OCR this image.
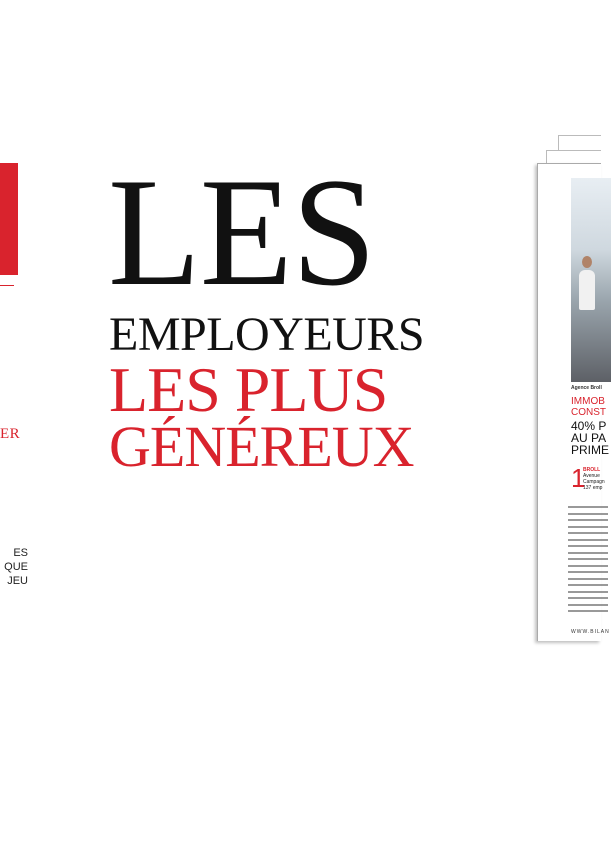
ER
ES
QUE
JEU
LES
EMPLOYEURS
LES PLUS
GÉNÉREUX
Agence Broll
IMMOB
CONST
40% P
AU PA
PRIME
1
BROLL
Avenue
Campagn
137 emp
WWW.BILAN
